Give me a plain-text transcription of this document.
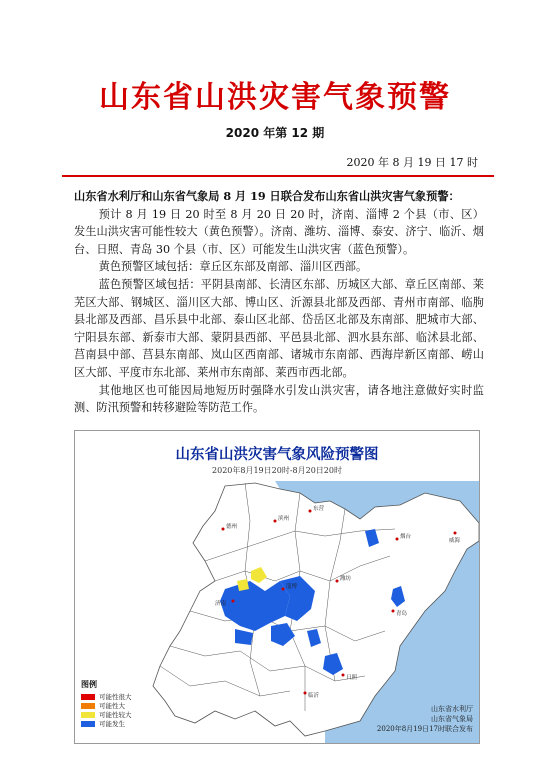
山东省山洪灾害气象预警
2020 年第 12 期
2020 年 8 月 19 日 17 时

山东省水利厅和山东省气象局 8 月 19 日联合发布山东省山洪灾害气象预警：

预计 8 月 19 日 20 时至 8 月 20 日 20 时，济南、淄博 2 个县（市、区）发生山洪灾害可能性较大（黄色预警）。济南、潍坊、淄博、泰安、济宁、临沂、烟台、日照、青岛 30 个县（市、区）可能发生山洪灾害（蓝色预警）。

黄色预警区域包括：章丘区东部及南部、淄川区西部。

蓝色预警区域包括：平阴县南部、长清区东部、历城区大部、章丘区南部、莱芜区大部、钢城区、淄川区大部、博山区、沂源县北部及西部、青州市南部、临朐县北部及西部、昌乐县中北部、泰山区北部、岱岳区北部及东南部、肥城市大部、宁阳县东部、新泰市大部、蒙阴县西部、平邑县北部、泗水县东部、临沭县北部、莒南县中部、莒县东南部、岚山区西南部、诸城市东南部、西海岸新区南部、崂山区大部、平度市东北部、莱州市东南部、莱西市西北部。

其他地区也可能因局地短历时强降水引发山洪灾害，请各地注意做好实时监测、防汛预警和转移避险等防范工作。

德州
滨州
东营
淄博
潍坊
烟台
威海
济南
青岛
临沂
日照
山东省山洪灾害气象风险预警图
2020年8月19日20时-8月20日20时
图例
可能性很大
可能性大
可能性较大
可能发生
山东省水利厅
山东省气象局
2020年8月19日17时联合发布
